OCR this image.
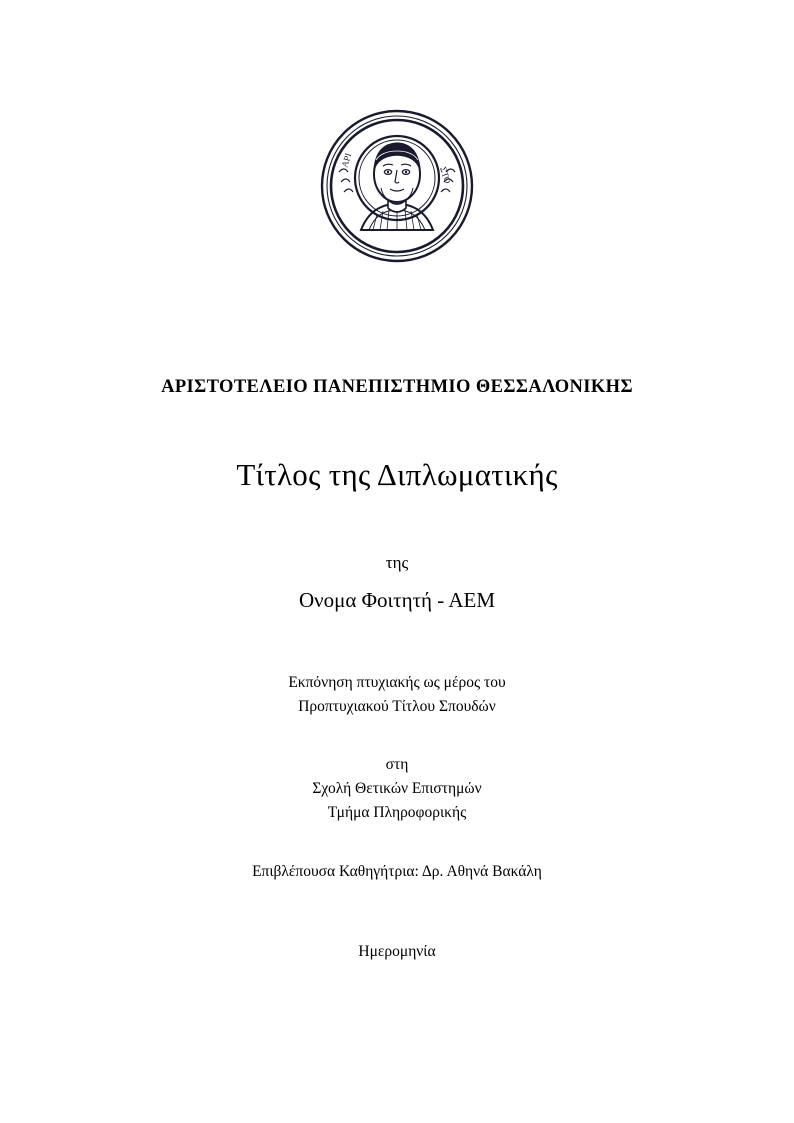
ΑΡΙ
ΣΤΟ
ΑΡΙΣΤΟΤΕΛΕΙΟ ΠΑΝΕΠΙΣΤΗΜΙΟ ΘΕΣΣΑΛΟΝΙΚΗΣ
Τίτλος της Διπλωματικής
της
Ονομα Φοιτητή - ΑΕΜ
Εκπόνηση πτυχιακής ως μέρος του
Προπτυχιακού Τίτλου Σπουδών
στη
Σχολή Θετικών Επιστημών
Τμήμα Πληροφορικής
Επιβλέπουσα Καθηγήτρια: Δρ. Αθηνά Βακάλη
Ημερομηνία
